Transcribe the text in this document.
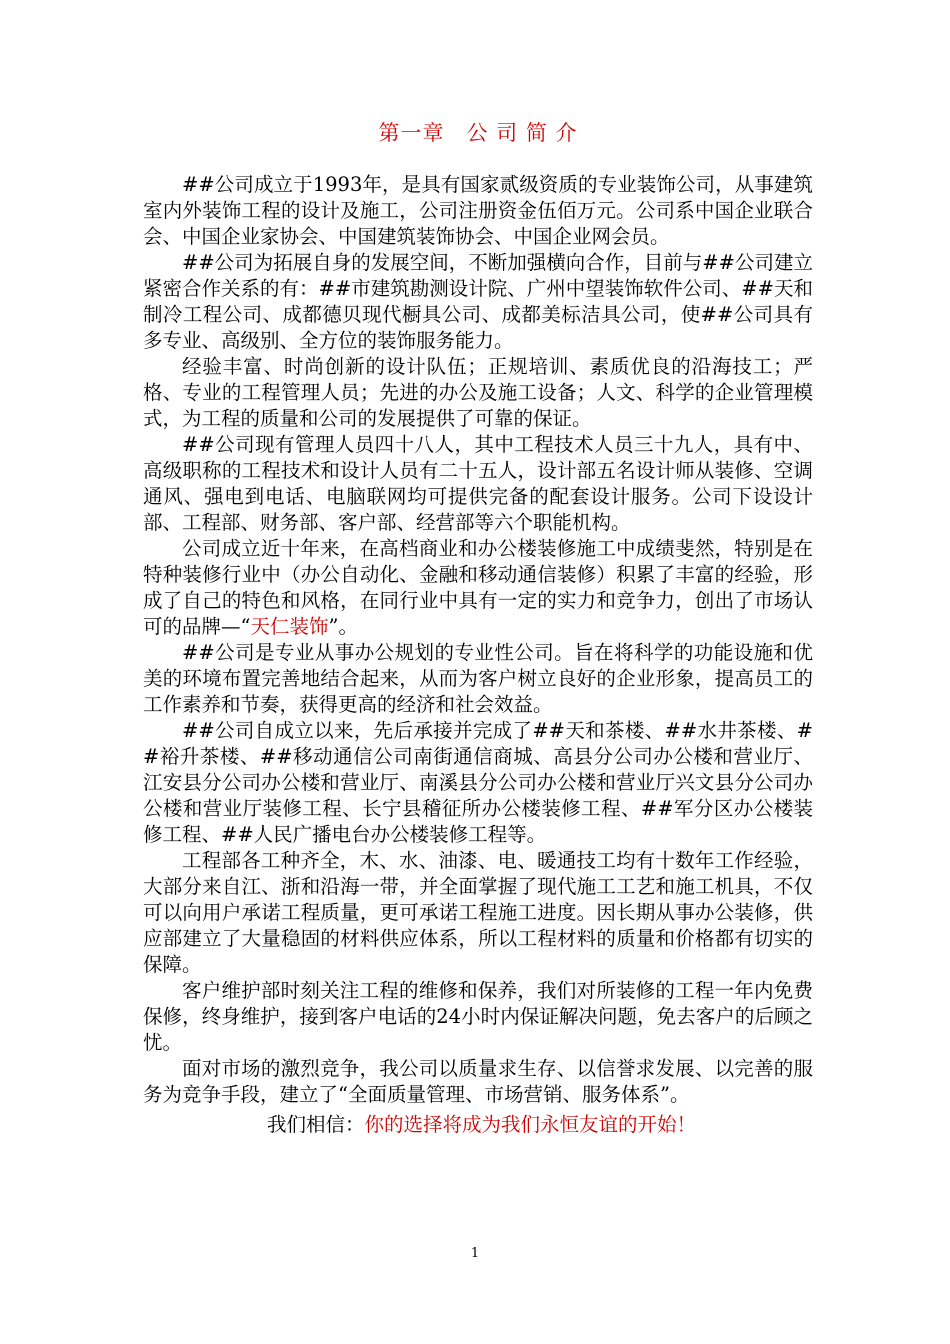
第一章　公 司 简 介

##公司成立于1993年，是具有国家贰级资质的专业装饰公司，从事建筑室内外装饰工程的设计及施工，公司注册资金伍佰万元。公司系中国企业联合会、中国企业家协会、中国建筑装饰协会、中国企业网会员。

##公司为拓展自身的发展空间，不断加强横向合作，目前与##公司建立紧密合作关系的有：##市建筑勘测设计院、广州中望装饰软件公司、##天和制冷工程公司、成都德贝现代橱具公司、成都美标洁具公司，使##公司具有多专业、高级别、全方位的装饰服务能力。

经验丰富、时尚创新的设计队伍；正规培训、素质优良的沿海技工；严格、专业的工程管理人员；先进的办公及施工设备；人文、科学的企业管理模式，为工程的质量和公司的发展提供了可靠的保证。

##公司现有管理人员四十八人，其中工程技术人员三十九人，具有中、高级职称的工程技术和设计人员有二十五人，设计部五名设计师从装修、空调通风、强电到电话、电脑联网均可提供完备的配套设计服务。公司下设设计部、工程部、财务部、客户部、经营部等六个职能机构。

公司成立近十年来，在高档商业和办公楼装修施工中成绩斐然，特别是在特种装修行业中（办公自动化、金融和移动通信装修）积累了丰富的经验，形成了自己的特色和风格，在同行业中具有一定的实力和竞争力，创出了市场认可的品牌—“天仁装饰”。

##公司是专业从事办公规划的专业性公司。旨在将科学的功能设施和优美的环境布置完善地结合起来，从而为客户树立良好的企业形象，提高员工的工作素养和节奏，获得更高的经济和社会效益。

##公司自成立以来，先后承接并完成了##天和茶楼、##水井茶楼、##裕升茶楼、##移动通信公司南街通信商城、高县分公司办公楼和营业厅、江安县分公司办公楼和营业厅、南溪县分公司办公楼和营业厅兴文县分公司办公楼和营业厅装修工程、长宁县稽征所办公楼装修工程、##军分区办公楼装修工程、##人民广播电台办公楼装修工程等。

工程部各工种齐全，木、水、油漆、电、暖通技工均有十数年工作经验，大部分来自江、浙和沿海一带，并全面掌握了现代施工工艺和施工机具，不仅可以向用户承诺工程质量，更可承诺工程施工进度。因长期从事办公装修，供应部建立了大量稳固的材料供应体系，所以工程材料的质量和价格都有切实的保障。

客户维护部时刻关注工程的维修和保养，我们对所装修的工程一年内免费保修，终身维护，接到客户电话的24小时内保证解决问题，免去客户的后顾之忧。

面对市场的激烈竞争，我公司以质量求生存、以信誉求发展、以完善的服务为竞争手段，建立了“全面质量管理、市场营销、服务体系”。

我们相信：你的选择将成为我们永恒友谊的开始！

1
